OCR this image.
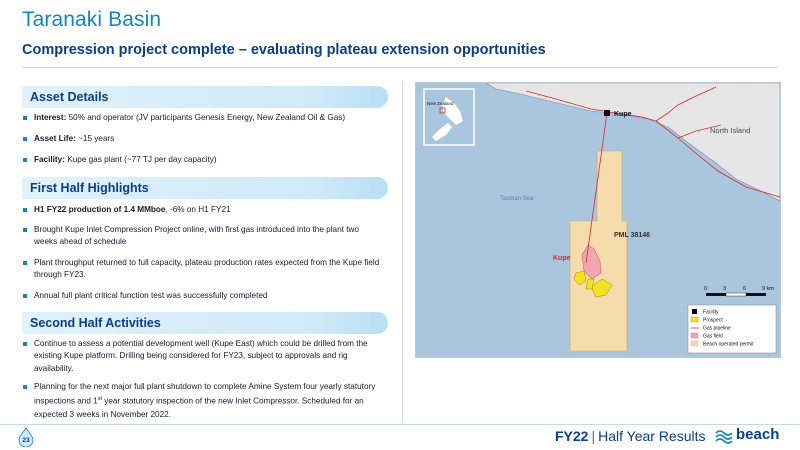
Taranaki Basin
Compression project complete – evaluating plateau extension opportunities
Asset Details
Interest: 50% and operator (JV participants Genesis Energy, New Zealand Oil & Gas)
Asset Life: ~15 years
Facility: Kupe gas plant (~77 TJ per day capacity)
First Half Highlights
H1 FY22 production of 1.4 MMboe, -6% on H1 FY21
Brought Kupe Inlet Compression Project online, with first gas introduced into the plant two weeks ahead of schedule
Plant throughput returned to full capacity, plateau production rates expected from the Kupe field through FY23.
Annual full plant critical function test was successfully completed
Second Half Activities
Continue to assess a potential development well (Kupe East) which could be drilled from the existing Kupe platform. Drilling being considered for FY23, subject to approvals and rig availability.
Planning for the next major full plant shutdown to complete Amine System four yearly statutory inspections and 1st year statutory inspection of the new Inlet Compressor. Scheduled for an expected 3 weeks in November 2022.
Kupe
North Island
Tasman Sea
PML 38146
Kupe
New Zealand
0	3	6	9 km
Facility
Prospect
Gas pipeline
Gas field
Beach operated permit
23	FY22 | Half Year Results beach
